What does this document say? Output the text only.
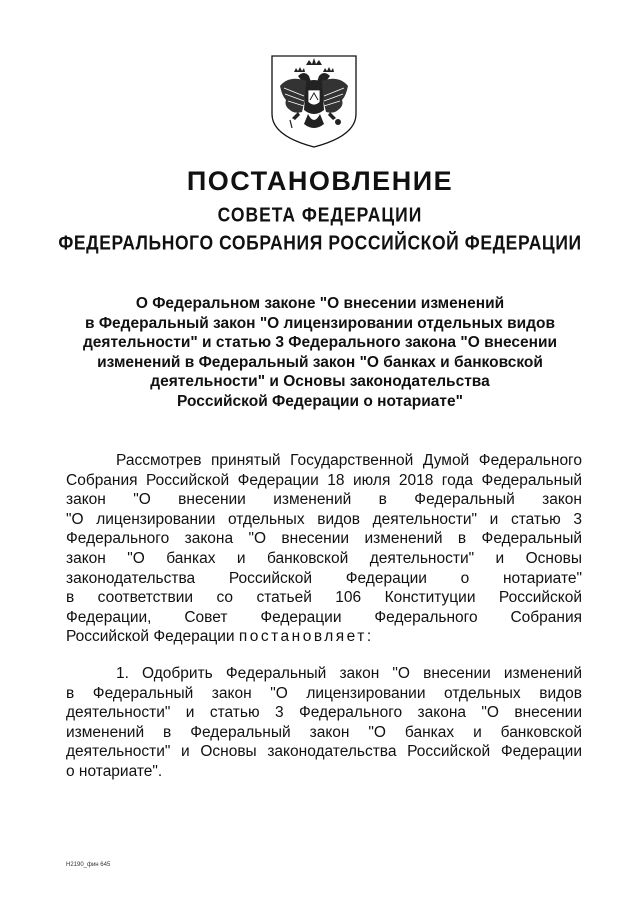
ПОСТАНОВЛЕНИЕ
СОВЕТА ФЕДЕРАЦИИ
ФЕДЕРАЛЬНОГО СОБРАНИЯ РОССИЙСКОЙ ФЕДЕРАЦИИ
О Федеральном законе "О внесении изменений
в Федеральный закон "О лицензировании отдельных видов
деятельности" и статью 3 Федерального закона "О внесении
изменений в Федеральный закон "О банках и банковской
деятельности" и Основы законодательства
Российской Федерации о нотариате"
Рассмотрев принятый Государственной Думой Федерального
Собрания Российской Федерации 18 июля 2018 года Федеральный
закон "О внесении изменений в Федеральный закон
"О лицензировании отдельных видов деятельности" и статью 3
Федерального закона "О внесении изменений в Федеральный
закон "О банках и банковской деятельности" и Основы
законодательства Российской Федерации о нотариате"
в соответствии со статьей 106 Конституции Российской
Федерации, Совет Федерации Федерального Собрания
Российской Федерации постановляет:
1. Одобрить Федеральный закон "О внесении изменений
в Федеральный закон "О лицензировании отдельных видов
деятельности" и статью 3 Федерального закона "О внесении
изменений в Федеральный закон "О банках и банковской
деятельности" и Основы законодательства Российской Федерации
о нотариате".
Н2190_фин 645
